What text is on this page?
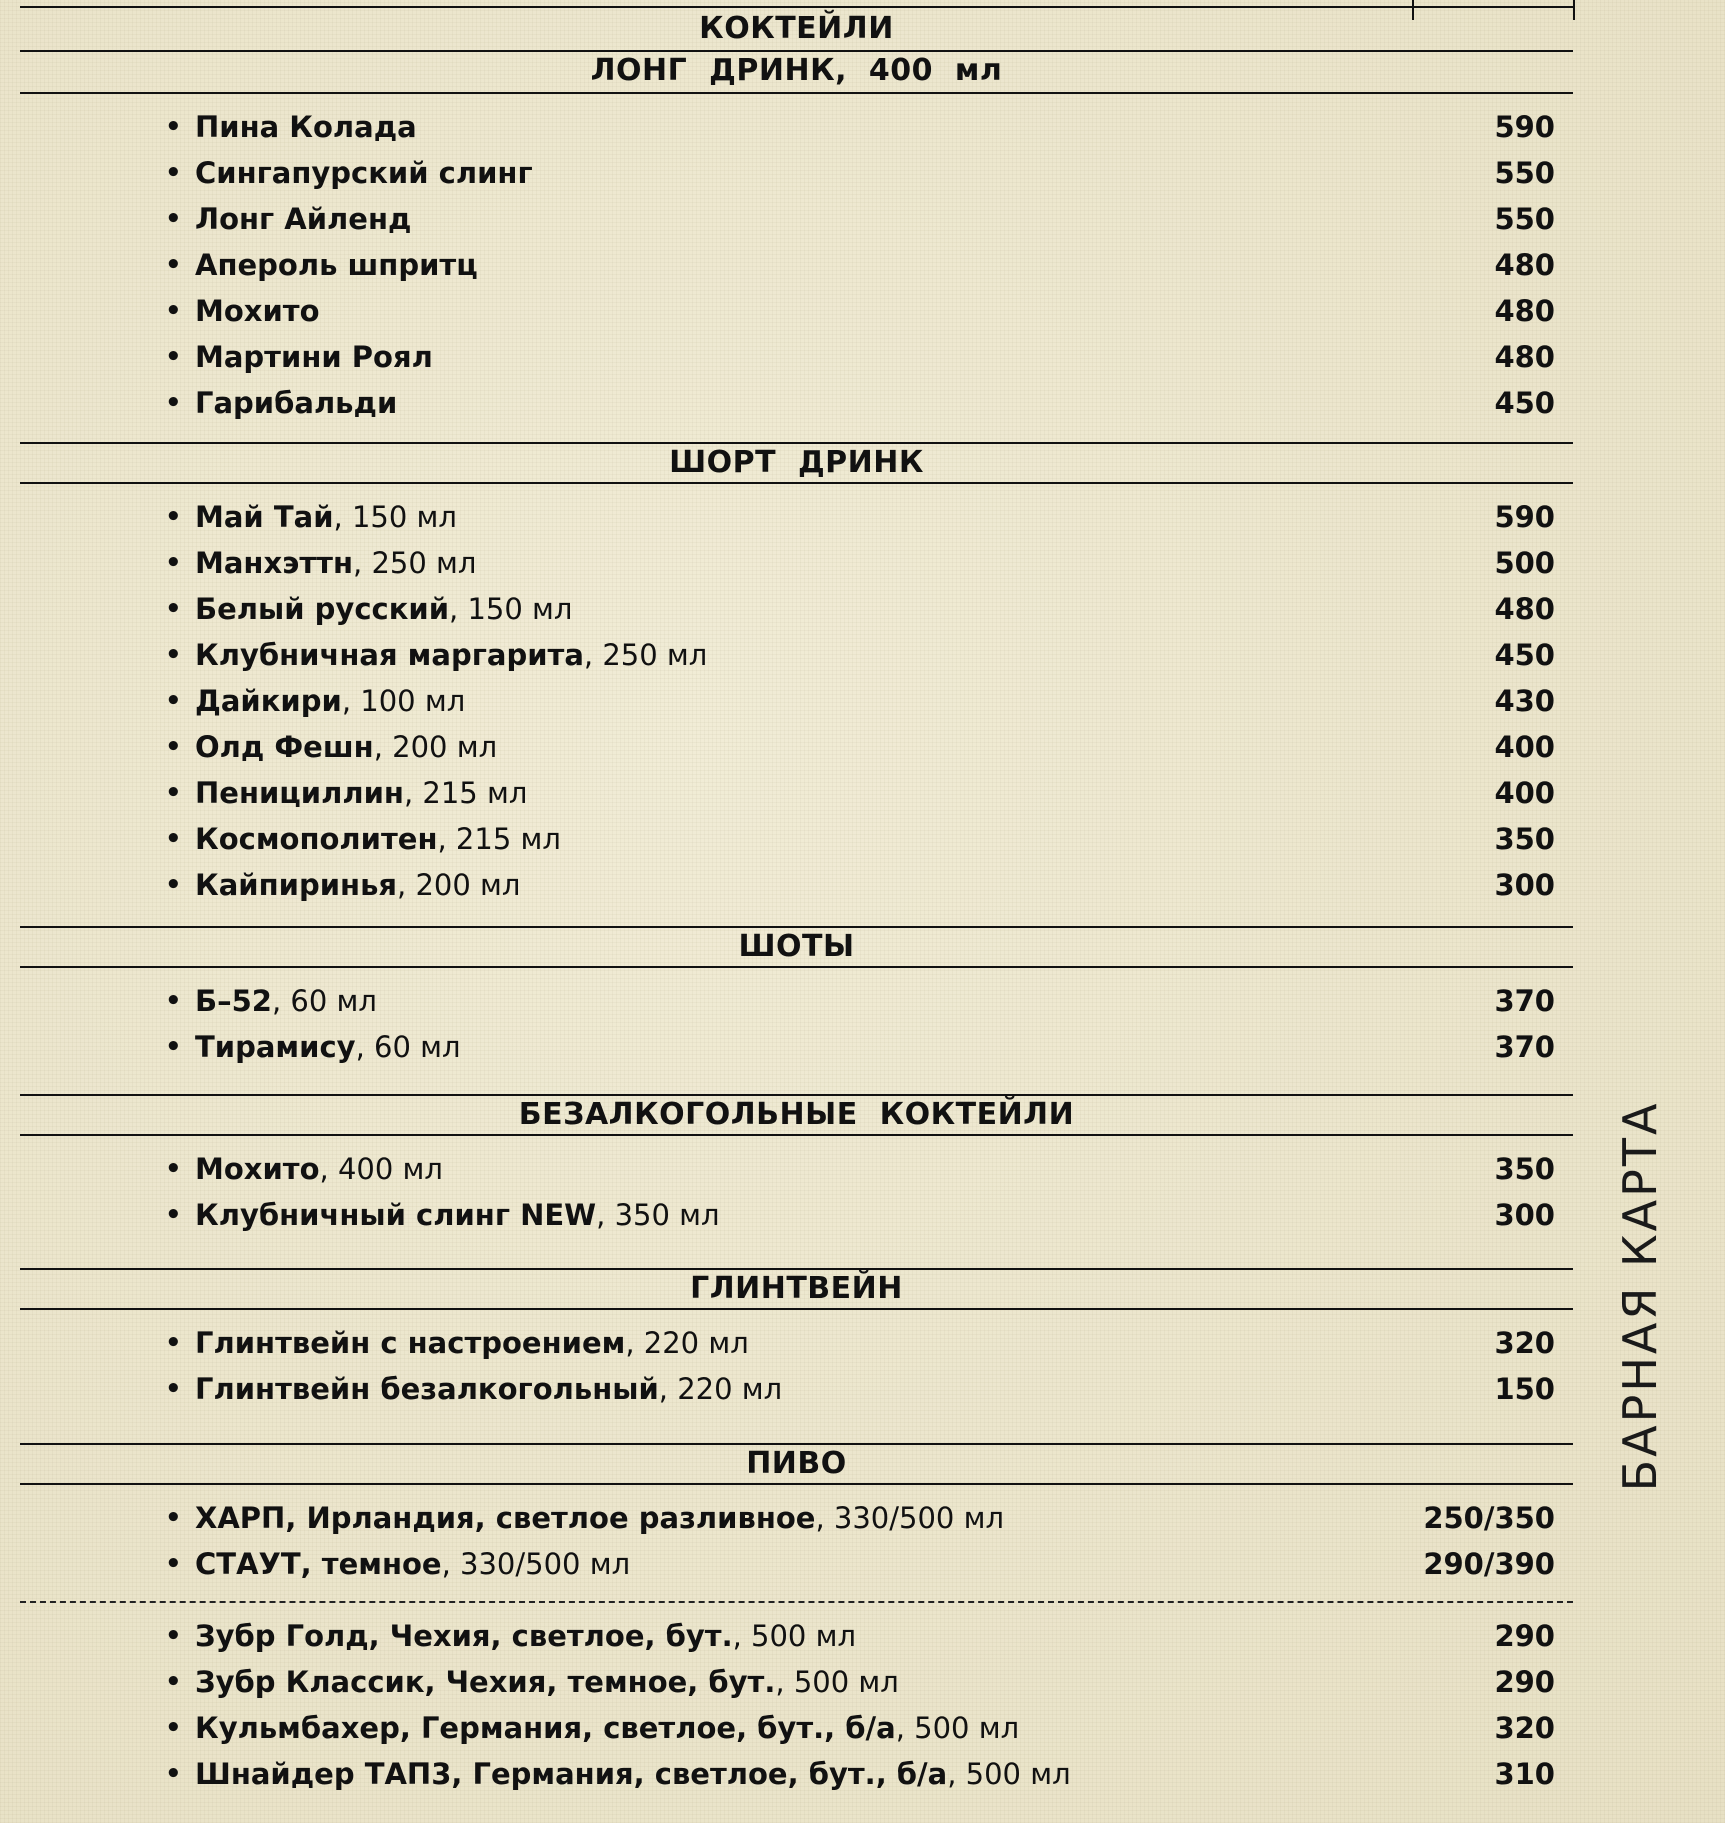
КОКТЕЙЛИ
ЛОНГ  ДРИНК,  400  мл
• Пина Колада	590
• Сингапурский слинг	550
• Лонг Айленд	550
• Апероль шпритц	480
• Мохито	480
• Мартини Роял	480
• Гарибальди	450
ШОРТ  ДРИНК
• Май Тай, 150 мл	590
• Манхэттн, 250 мл	500
• Белый русский, 150 мл	480
• Клубничная маргарита, 250 мл	450
• Дайкири, 100 мл	430
• Олд Фешн, 200 мл	400
• Пенициллин, 215 мл	400
• Космополитен, 215 мл	350
• Кайпиринья, 200 мл	300
ШОТЫ
• Б–52, 60 мл	370
• Тирамису, 60 мл	370
БЕЗАЛКОГОЛЬНЫЕ  КОКТЕЙЛИ
• Мохито, 400 мл	350
• Клубничный слинг NEW, 350 мл	300
ГЛИНТВЕЙН
• Глинтвейн с настроением, 220 мл	320
• Глинтвейн безалкогольный, 220 мл	150
ПИВО
• ХАРП, Ирландия, светлое разливное, 330/500 мл	250/350
• СТАУТ, темное, 330/500 мл	290/390
• Зубр Голд, Чехия, светлое, бут., 500 мл	290
• Зубр Классик, Чехия, темное, бут., 500 мл	290
• Кульмбахер, Германия, светлое, бут., б/а, 500 мл	320
• Шнайдер ТАП3, Германия, светлое, бут., б/а, 500 мл	310
БАРНАЯ КАРТА
